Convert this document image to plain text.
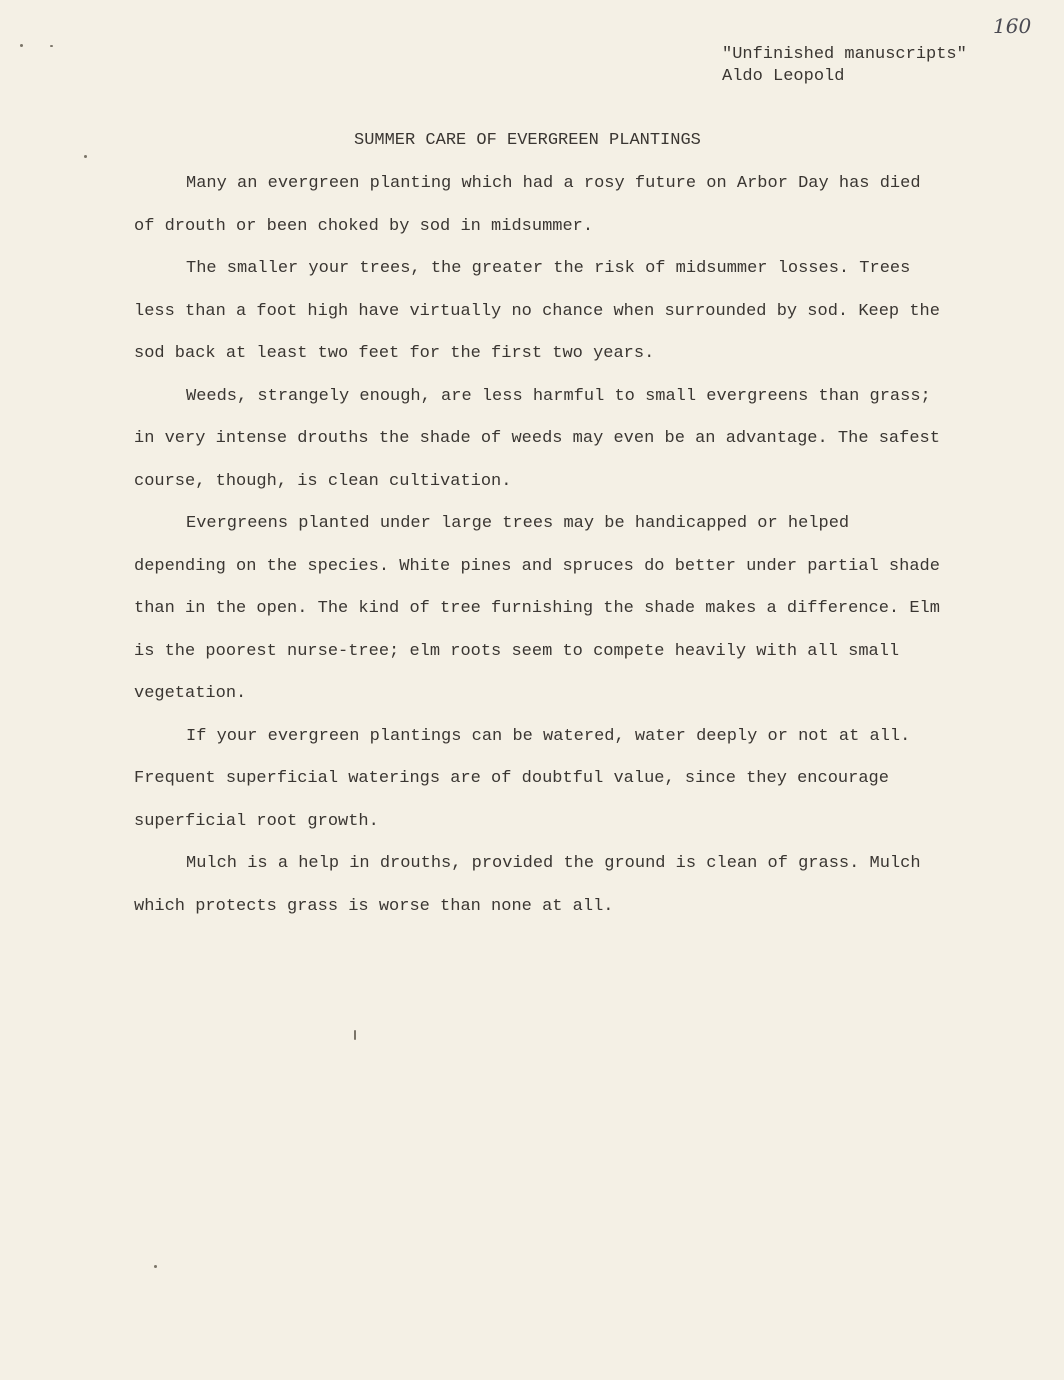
160
"Unfinished manuscripts"
Aldo Leopold
SUMMER CARE OF EVERGREEN PLANTINGS

Many an evergreen planting which had a rosy future on Arbor Day has died of drouth or been choked by sod in midsummer.

The smaller your trees, the greater the risk of midsummer losses. Trees less than a foot high have virtually no chance when surrounded by sod. Keep the sod back at least two feet for the first two years.

Weeds, strangely enough, are less harmful to small evergreens than grass; in very intense drouths the shade of weeds may even be an advantage. The safest course, though, is clean cultivation.

Evergreens planted under large trees may be handicapped or helped depending on the species. White pines and spruces do better under partial shade than in the open. The kind of tree furnishing the shade makes a difference. Elm is the poorest nurse-tree; elm roots seem to compete heavily with all small vegetation.

If your evergreen plantings can be watered, water deeply or not at all. Frequent superficial waterings are of doubtful value, since they encourage superficial root growth.

Mulch is a help in drouths, provided the ground is clean of grass. Mulch which protects grass is worse than none at all.
